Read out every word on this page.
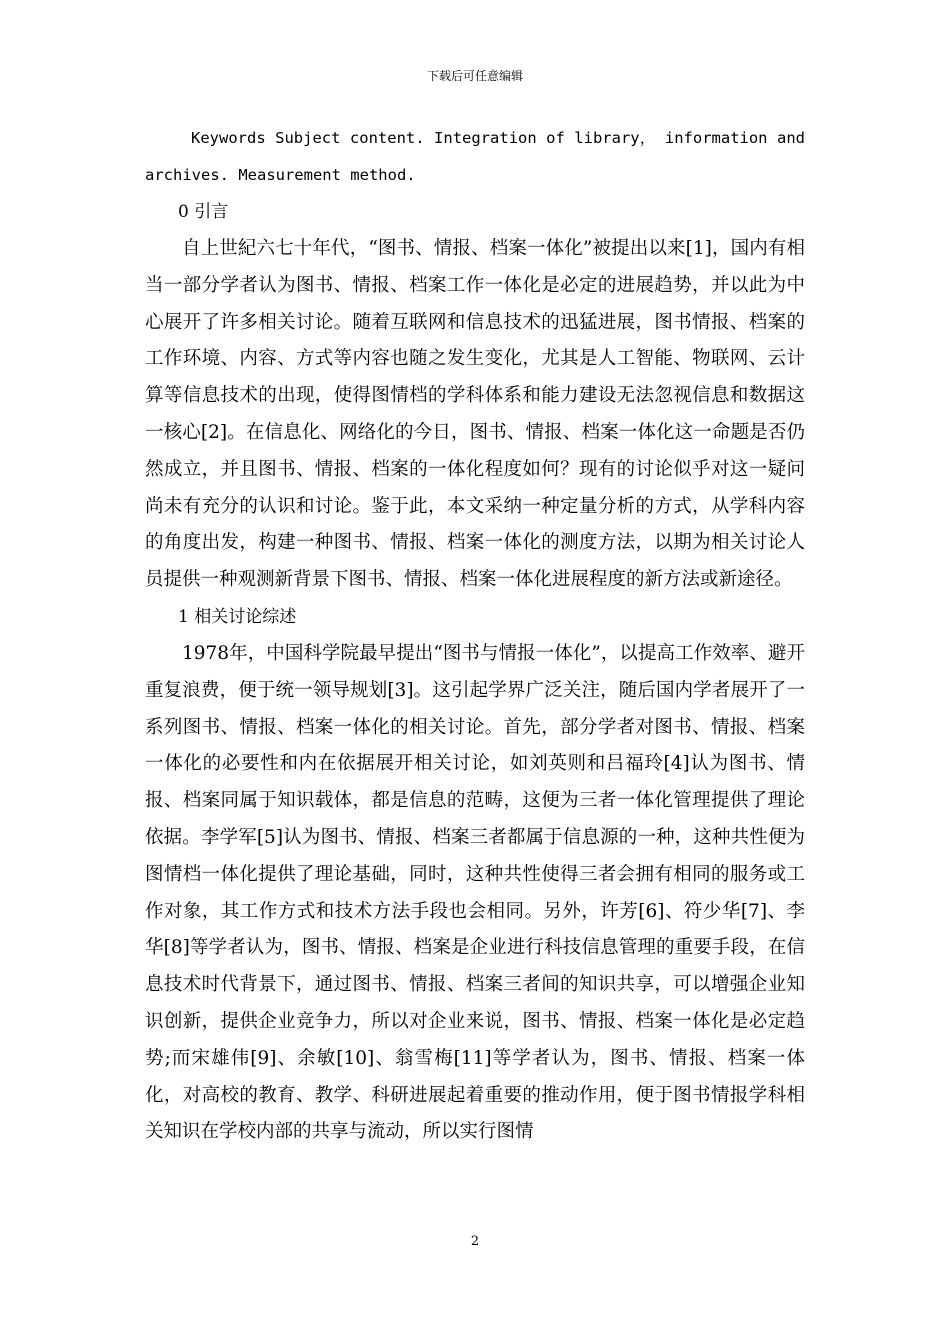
下载后可任意编辑

Keywords Subject content. Integration of library， information and archives. Measurement method.

0 引言

自上世紀六七十年代，“图书、情报、档案一体化”被提出以来[1]，国内有相当一部分学者认为图书、情报、档案工作一体化是必定的进展趋势，并以此为中心展开了许多相关讨论。随着互联网和信息技术的迅猛进展，图书情报、档案的工作环境、内容、方式等内容也随之发生变化，尤其是人工智能、物联网、云计算等信息技术的出现，使得图情档的学科体系和能力建设无法忽视信息和数据这一核心[2]。在信息化、网络化的今日，图书、情报、档案一体化这一命题是否仍然成立，并且图书、情报、档案的一体化程度如何？现有的讨论似乎对这一疑问尚未有充分的认识和讨论。鉴于此，本文采纳一种定量分析的方式，从学科内容的角度出发，构建一种图书、情报、档案一体化的测度方法，以期为相关讨论人员提供一种观测新背景下图书、情报、档案一体化进展程度的新方法或新途径。

1 相关讨论综述

1978年，中国科学院最早提出“图书与情报一体化”，以提高工作效率、避开重复浪费，便于统一领导规划[3]。这引起学界广泛关注，随后国内学者展开了一系列图书、情报、档案一体化的相关讨论。首先，部分学者对图书、情报、档案一体化的必要性和内在依据展开相关讨论，如刘英则和吕福玲[4]认为图书、情报、档案同属于知识载体，都是信息的范畴，这便为三者一体化管理提供了理论依据。李学军[5]认为图书、情报、档案三者都属于信息源的一种，这种共性便为图情档一体化提供了理论基础，同时，这种共性使得三者会拥有相同的服务或工作对象，其工作方式和技术方法手段也会相同。另外，许芳[6]、符少华[7]、李华[8]等学者认为，图书、情报、档案是企业进行科技信息管理的重要手段，在信息技术时代背景下，通过图书、情报、档案三者间的知识共享，可以增强企业知识创新，提供企业竞争力，所以对企业来说，图书、情报、档案一体化是必定趋势;而宋雄伟[9]、余敏[10]、翁雪梅[11]等学者认为，图书、情报、档案一体化，对高校的教育、教学、科研进展起着重要的推动作用，便于图书情报学科相关知识在学校内部的共享与流动，所以实行图情

2
